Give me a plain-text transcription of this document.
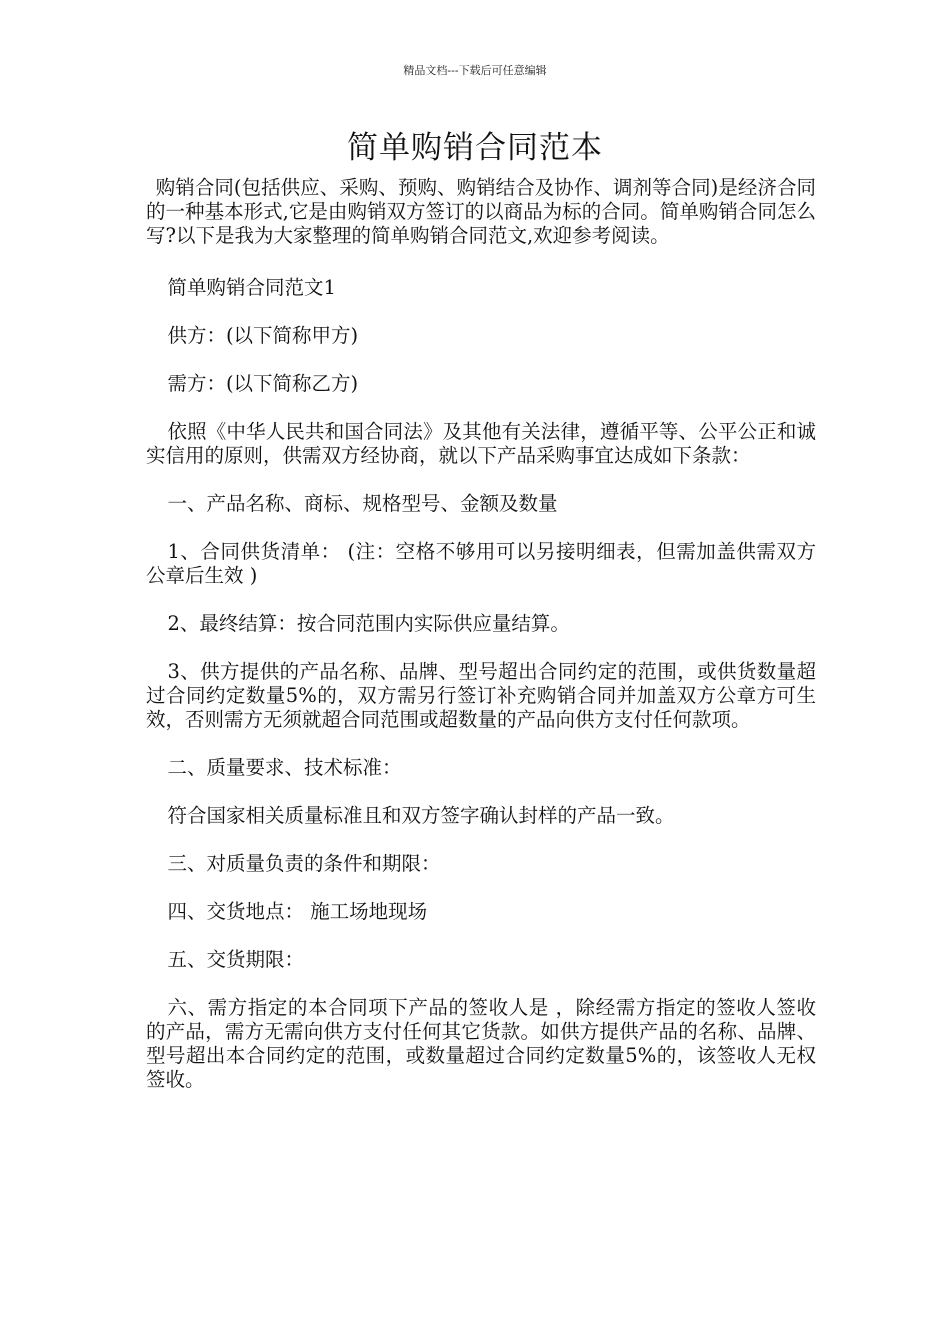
精品文档---下载后可任意编辑
简单购销合同范本

购销合同(包括供应、采购、预购、购销结合及协作、调剂等合同)是经济合同的一种基本形式,它是由购销双方签订的以商品为标的合同。简单购销合同怎么写?以下是我为大家整理的简单购销合同范文,欢迎参考阅读。

简单购销合同范文1

供方：(以下简称甲方)

需方：(以下简称乙方)

依照《中华人民共和国合同法》及其他有关法律，遵循平等、公平公正和诚实信用的原则，供需双方经协商，就以下产品采购事宜达成如下条款：

一、产品名称、商标、规格型号、金额及数量

1、合同供货清单： (注：空格不够用可以另接明细表，但需加盖供需双方公章后生效 )

2、最终结算：按合同范围内实际供应量结算。

3、供方提供的产品名称、品牌、型号超出合同约定的范围，或供货数量超过合同约定数量5%的，双方需另行签订补充购销合同并加盖双方公章方可生效，否则需方无须就超合同范围或超数量的产品向供方支付任何款项。

二、质量要求、技术标准：

符合国家相关质量标准且和双方签字确认封样的产品一致。

三、对质量负责的条件和期限：

四、交货地点： 施工场地现场

五、交货期限：

六、需方指定的本合同项下产品的签收人是 ，除经需方指定的签收人签收的产品，需方无需向供方支付任何其它货款。如供方提供产品的名称、品牌、型号超出本合同约定的范围，或数量超过合同约定数量5%的，该签收人无权签收。
